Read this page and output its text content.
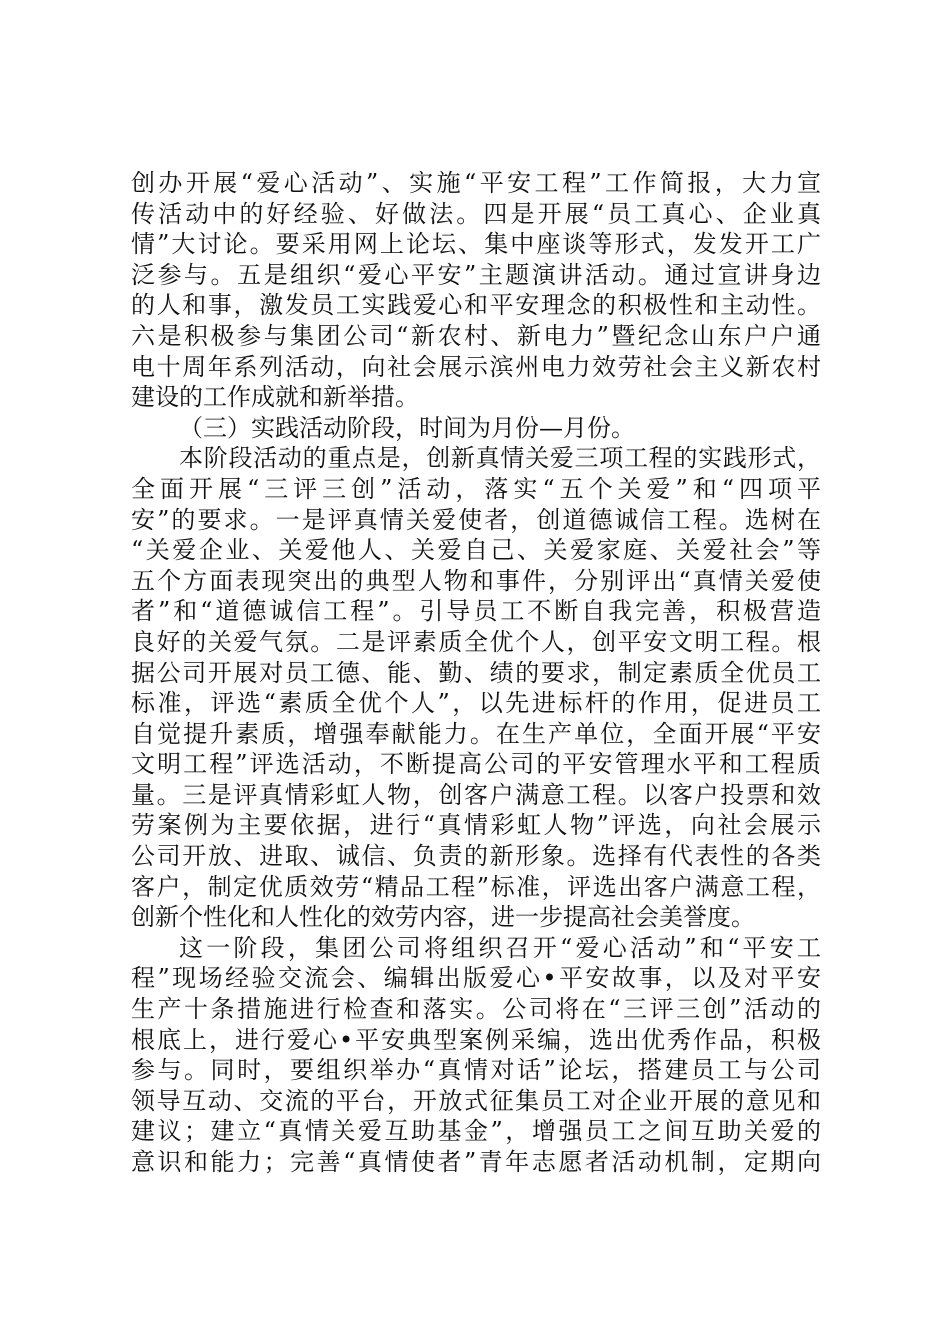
创办开展“爱心活动”、实施“平安工程”工作简报，大力宣
传活动中的好经验、好做法。四是开展“员工真心、企业真
情”大讨论。要采用网上论坛、集中座谈等形式，发发开工广
泛参与。五是组织“爱心平安”主题演讲活动。通过宣讲身边
的人和事，激发员工实践爱心和平安理念的积极性和主动性。
六是积极参与集团公司“新农村、新电力”暨纪念山东户户通
电十周年系列活动，向社会展示滨州电力效劳社会主义新农村
建设的工作成就和新举措。
（三）实践活动阶段，时间为月份—月份。
本阶段活动的重点是，创新真情关爱三项工程的实践形式，
全面开展“三评三创”活动，落实“五个关爱”和“四项平
安”的要求。一是评真情关爱使者，创道德诚信工程。选树在
“关爱企业、关爱他人、关爱自己、关爱家庭、关爱社会”等
五个方面表现突出的典型人物和事件，分别评出“真情关爱使
者”和“道德诚信工程”。引导员工不断自我完善，积极营造
良好的关爱气氛。二是评素质全优个人，创平安文明工程。根
据公司开展对员工德、能、勤、绩的要求，制定素质全优员工
标准，评选“素质全优个人”，以先进标杆的作用，促进员工
自觉提升素质，增强奉献能力。在生产单位，全面开展“平安
文明工程”评选活动，不断提高公司的平安管理水平和工程质
量。三是评真情彩虹人物，创客户满意工程。以客户投票和效
劳案例为主要依据，进行“真情彩虹人物”评选，向社会展示
公司开放、进取、诚信、负责的新形象。选择有代表性的各类
客户，制定优质效劳“精品工程”标准，评选出客户满意工程，
创新个性化和人性化的效劳内容，进一步提高社会美誉度。
这一阶段，集团公司将组织召开“爱心活动”和“平安工
程”现场经验交流会、编辑出版爱心•平安故事，以及对平安
生产十条措施进行检查和落实。公司将在“三评三创”活动的
根底上，进行爱心•平安典型案例采编，选出优秀作品，积极
参与。同时，要组织举办“真情对话”论坛，搭建员工与公司
领导互动、交流的平台，开放式征集员工对企业开展的意见和
建议；建立“真情关爱互助基金”，增强员工之间互助关爱的
意识和能力；完善“真情使者”青年志愿者活动机制，定期向
